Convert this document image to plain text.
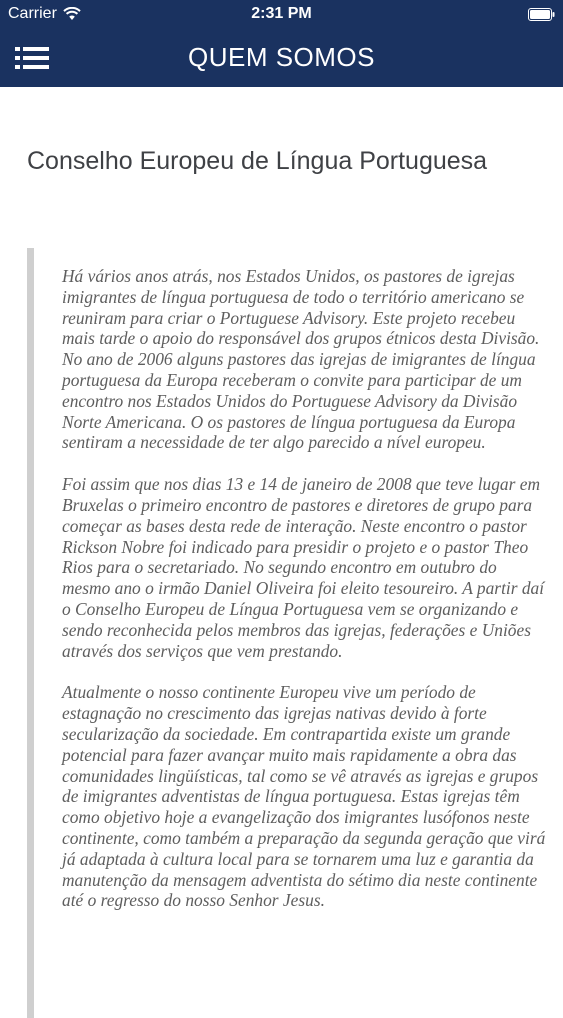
Carrier	2:31 PM
QUEM SOMOS
Conselho Europeu de Língua Portuguesa

Há vários anos atrás, nos Estados Unidos, os pastores de igrejas imigrantes de língua portuguesa de todo o território americano se reuniram para criar o Portuguese Advisory. Este projeto recebeu mais tarde o apoio do responsável dos grupos étnicos desta Divisão. No ano de 2006 alguns pastores das igrejas de imigrantes de língua portuguesa da Europa receberam o convite para participar de um encontro nos Estados Unidos do Portuguese Advisory da Divisão Norte Americana. O os pastores de língua portuguesa da Europa sentiram a necessidade de ter algo parecido a nível europeu.

Foi assim que nos dias 13 e 14 de janeiro de 2008 que teve lugar em Bruxelas o primeiro encontro de pastores e diretores de grupo para começar as bases desta rede de interação. Neste encontro o pastor Rickson Nobre foi indicado para presidir o projeto e o pastor Theo Rios para o secretariado. No segundo encontro em outubro do mesmo ano o irmão Daniel Oliveira foi eleito tesoureiro. A partir daí o Conselho Europeu de Língua Portuguesa vem se organizando e sendo reconhecida pelos membros das igrejas, federações e Uniões através dos serviços que vem prestando.

Atualmente o nosso continente Europeu vive um período de estagnação no crescimento das igrejas nativas devido à forte secularização da sociedade. Em contrapartida existe um grande potencial para fazer avançar muito mais rapidamente a obra das comunidades lingüísticas, tal como se vê através as igrejas e grupos de imigrantes adventistas de língua portuguesa. Estas igrejas têm como objetivo hoje a evangelização dos imigrantes lusófonos neste continente, como também a preparação da segunda geração que virá já adaptada à cultura local para se tornarem uma luz e garantia da manutenção da mensagem adventista do sétimo dia neste continente até o regresso do nosso Senhor Jesus.
